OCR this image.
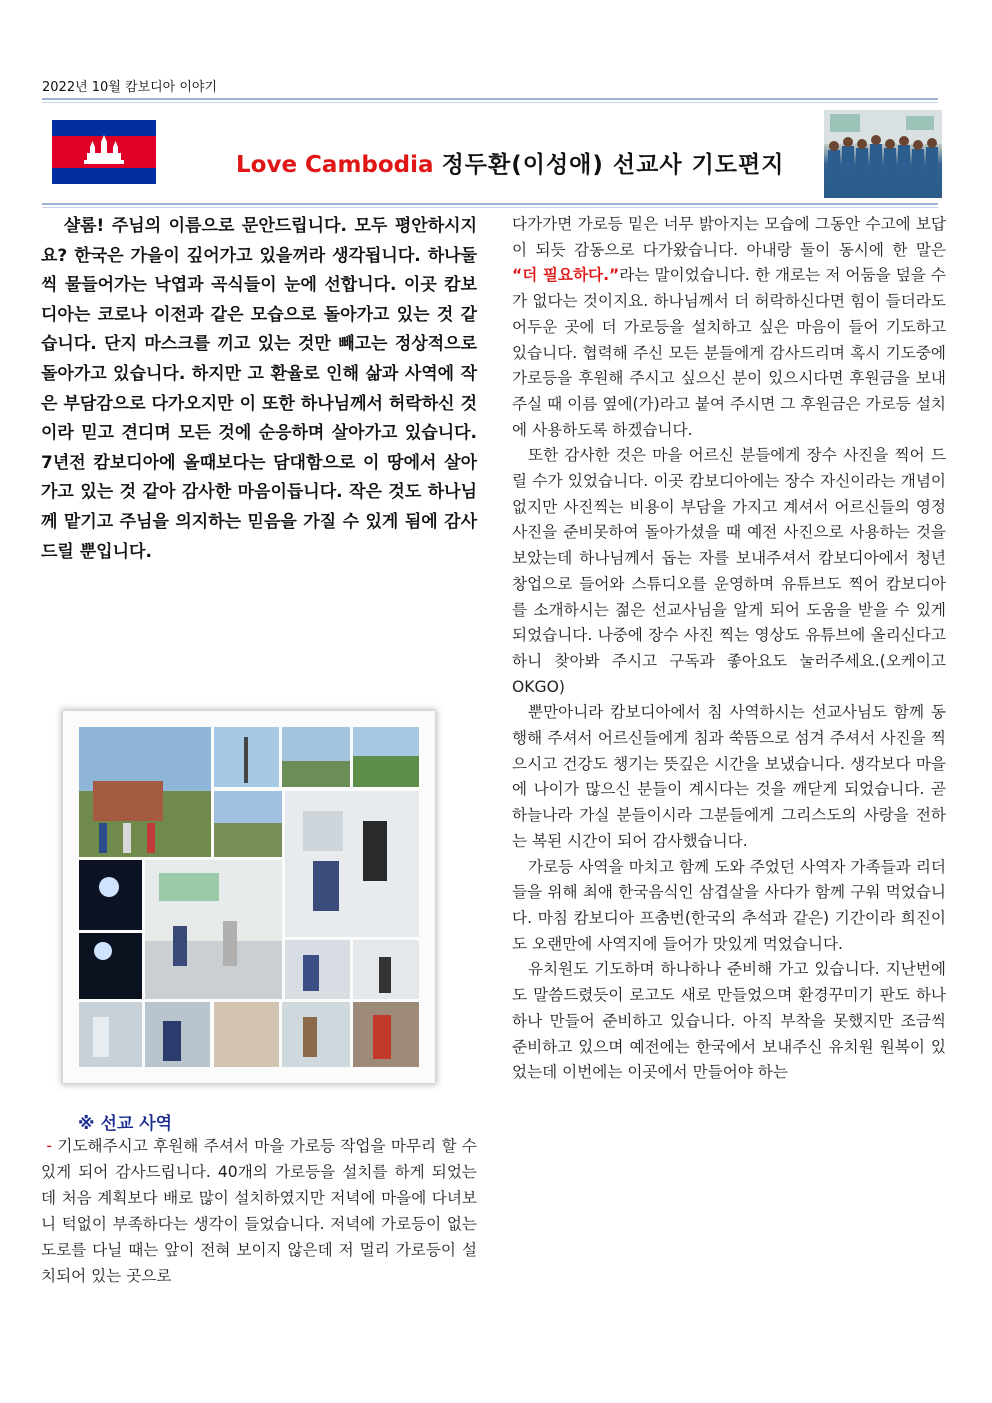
2022년 10월 캄보디아 이야기
Love Cambodia 정두환(이성애) 선교사 기도편지

샬롬! 주님의 이름으로 문안드립니다. 모두 평안하시지요? 한국은 가을이 깊어가고 있을꺼라 생각됩니다. 하나둘씩 물들어가는 낙엽과 곡식들이 눈에 선합니다. 이곳 캄보디아는 코로나 이전과 같은 모습으로 돌아가고 있는 것 같습니다. 단지 마스크를 끼고 있는 것만 빼고는 정상적으로 돌아가고 있습니다. 하지만 고 환율로 인해 삶과 사역에 작은 부담감으로 다가오지만 이 또한 하나님께서 허락하신 것이라 믿고 견디며 모든 것에 순응하며 살아가고 있습니다. 7년전 캄보디아에 올때보다는 담대함으로 이 땅에서 살아가고 있는 것 같아 감사한 마음이듭니다. 작은 것도 하나님께 맡기고 주님을 의지하는 믿음을 가질 수 있게 됨에 감사드릴 뿐입니다.

※ 선교 사역

- 기도해주시고 후원해 주셔서 마을 가로등 작업을 마무리 할 수 있게 되어 감사드립니다. 40개의 가로등을 설치를 하게 되었는데 처음 계획보다 배로 많이 설치하였지만 저녁에 마을에 다녀보니 턱없이 부족하다는 생각이 들었습니다. 저녁에 가로등이 없는 도로를 다닐 때는 앞이 전혀 보이지 않은데 저 멀리 가로등이 설치되어 있는 곳으로

다가가면 가로등 밑은 너무 밝아지는 모습에 그동안 수고에 보답이 되듯 감동으로 다가왔습니다. 아내랑 둘이 동시에 한 말은 “더 필요하다.”라는 말이었습니다. 한 개로는 저 어둠을 덮을 수가 없다는 것이지요. 하나님께서 더 허락하신다면 힘이 들더라도 어두운 곳에 더 가로등을 설치하고 싶은 마음이 들어 기도하고 있습니다. 협력해 주신 모든 분들에게 감사드리며 혹시 기도중에 가로등을 후원해 주시고 싶으신 분이 있으시다면 후원금을 보내 주실 때 이름 옆에(가)라고 붙여 주시면 그 후원금은 가로등 설치에 사용하도록 하겠습니다.

또한 감사한 것은 마을 어르신 분들에게 장수 사진을 찍어 드릴 수가 있었습니다. 이곳 캄보디아에는 장수 자신이라는 개념이 없지만 사진찍는 비용이 부담을 가지고 계셔서 어르신들의 영정 사진을 준비못하여 돌아가셨을 때 예전 사진으로 사용하는 것을 보았는데 하나님께서 돕는 자를 보내주셔서 캄보디아에서 청년창업으로 들어와 스튜디오를 운영하며 유튜브도 찍어 캄보디아를 소개하시는 젊은 선교사님을 알게 되어 도움을 받을 수 있게 되었습니다. 나중에 장수 사진 찍는 영상도 유튜브에 올리신다고 하니 찾아봐 주시고 구독과 좋아요도 눌러주세요.(오케이고 OKGO)

뿐만아니라 캄보디아에서 침 사역하시는 선교사님도 함께 동행해 주셔서 어르신들에게 침과 쑥뜸으로 섬겨 주셔서 사진을 찍으시고 건강도 챙기는 뜻깊은 시간을 보냈습니다. 생각보다 마을에 나이가 많으신 분들이 계시다는 것을 깨닫게 되었습니다. 곧 하늘나라 가실 분들이시라 그분들에게 그리스도의 사랑을 전하는 복된 시간이 되어 감사했습니다.

가로등 사역을 마치고 함께 도와 주었던 사역자 가족들과 리더들을 위해 최애 한국음식인 삼겹살을 사다가 함께 구워 먹었습니다. 마침 캄보디아 프춤번(한국의 추석과 같은) 기간이라 희진이도 오랜만에 사역지에 들어가 맛있게 먹었습니다.

유치원도 기도하며 하나하나 준비해 가고 있습니다. 지난번에도 말씀드렸듯이 로고도 새로 만들었으며 환경꾸미기 판도 하나하나 만들어 준비하고 있습니다. 아직 부착을 못했지만 조금씩 준비하고 있으며 예전에는 한국에서 보내주신 유치원 원복이 있었는데 이번에는 이곳에서 만들어야 하는
